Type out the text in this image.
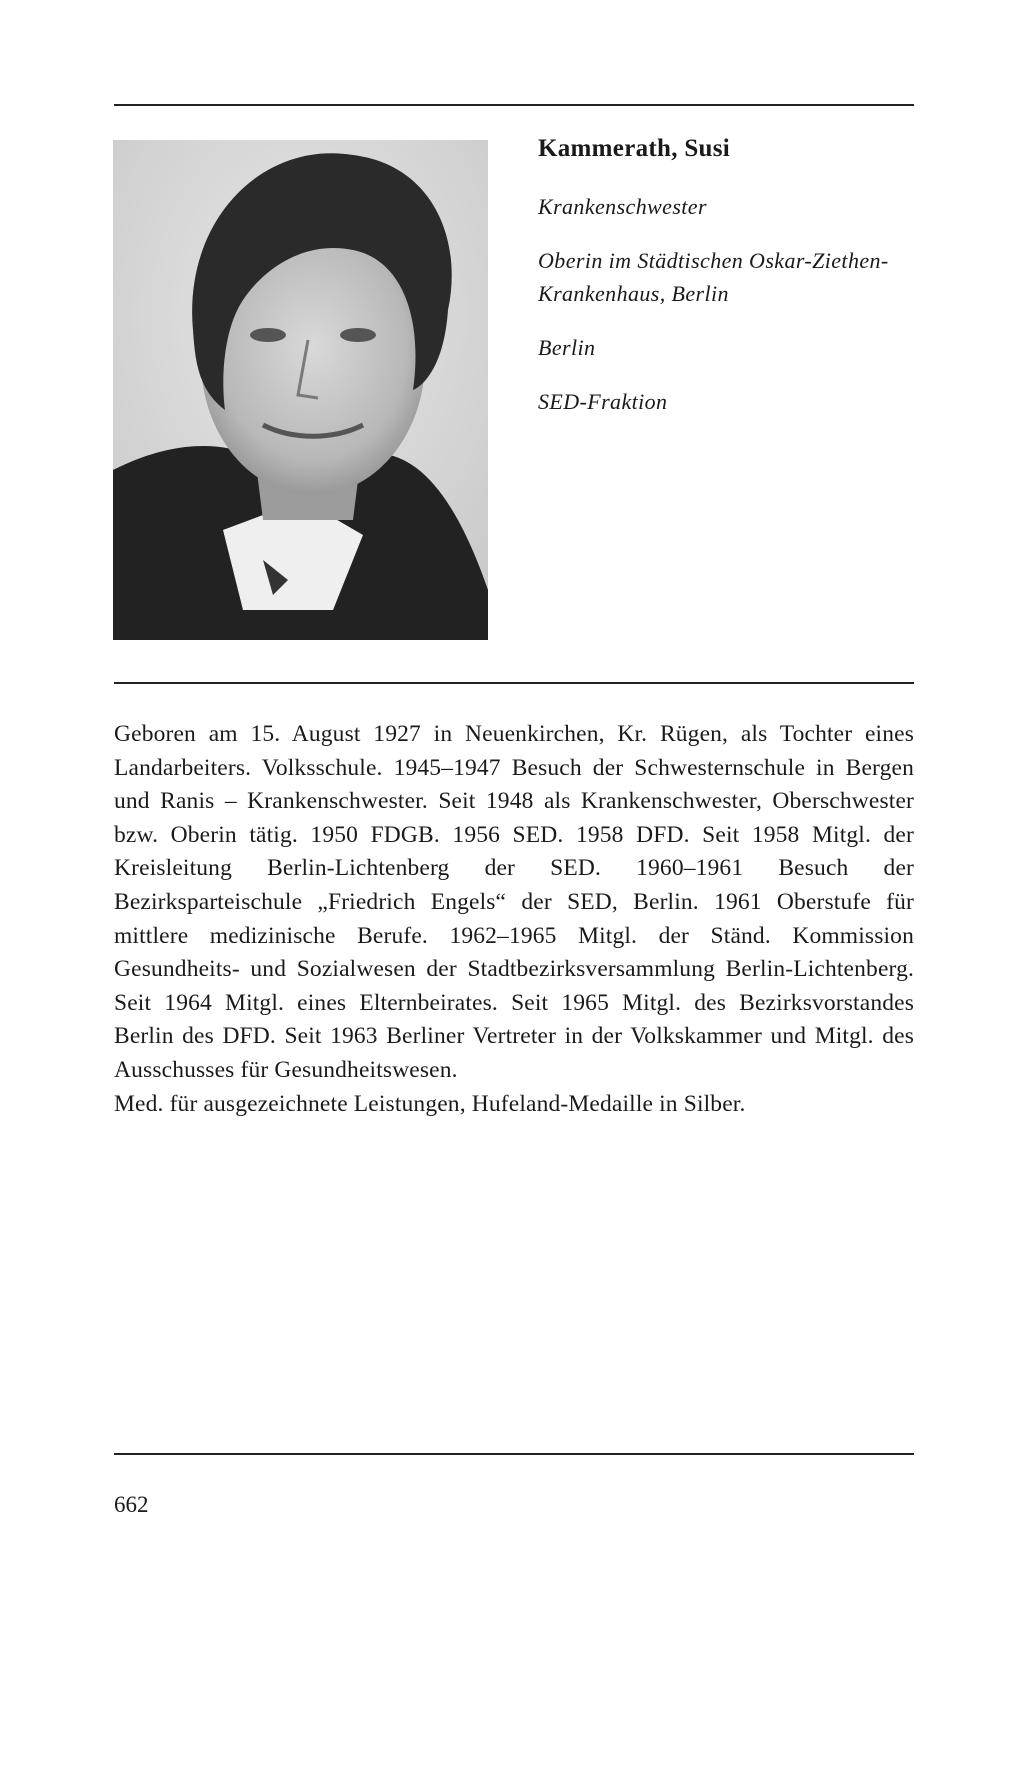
Kammerath, Susi
Krankenschwester
Oberin im Städtischen Oskar-Ziethen-Krankenhaus, Berlin
Berlin
SED-Fraktion

Geboren am 15. August 1927 in Neuenkirchen, Kr. Rügen, als Tochter eines Landarbeiters. Volksschule. 1945–1947 Besuch der Schwesternschule in Bergen und Ranis – Krankenschwester. Seit 1948 als Krankenschwester, Oberschwester bzw. Oberin tätig. 1950 FDGB. 1956 SED. 1958 DFD. Seit 1958 Mitgl. der Kreisleitung Berlin-Lichtenberg der SED. 1960–1961 Besuch der Bezirksparteischule „Friedrich Engels“ der SED, Berlin. 1961 Oberstufe für mittlere medizinische Berufe. 1962–1965 Mitgl. der Ständ. Kommission Gesundheits- und Sozialwesen der Stadtbezirksversammlung Berlin-Lichtenberg. Seit 1964 Mitgl. eines Elternbeirates. Seit 1965 Mitgl. des Bezirksvorstandes Berlin des DFD. Seit 1963 Berliner Vertreter in der Volkskammer und Mitgl. des Ausschusses für Gesundheitswesen.

Med. für ausgezeichnete Leistungen, Hufeland-Medaille in Silber.

662
